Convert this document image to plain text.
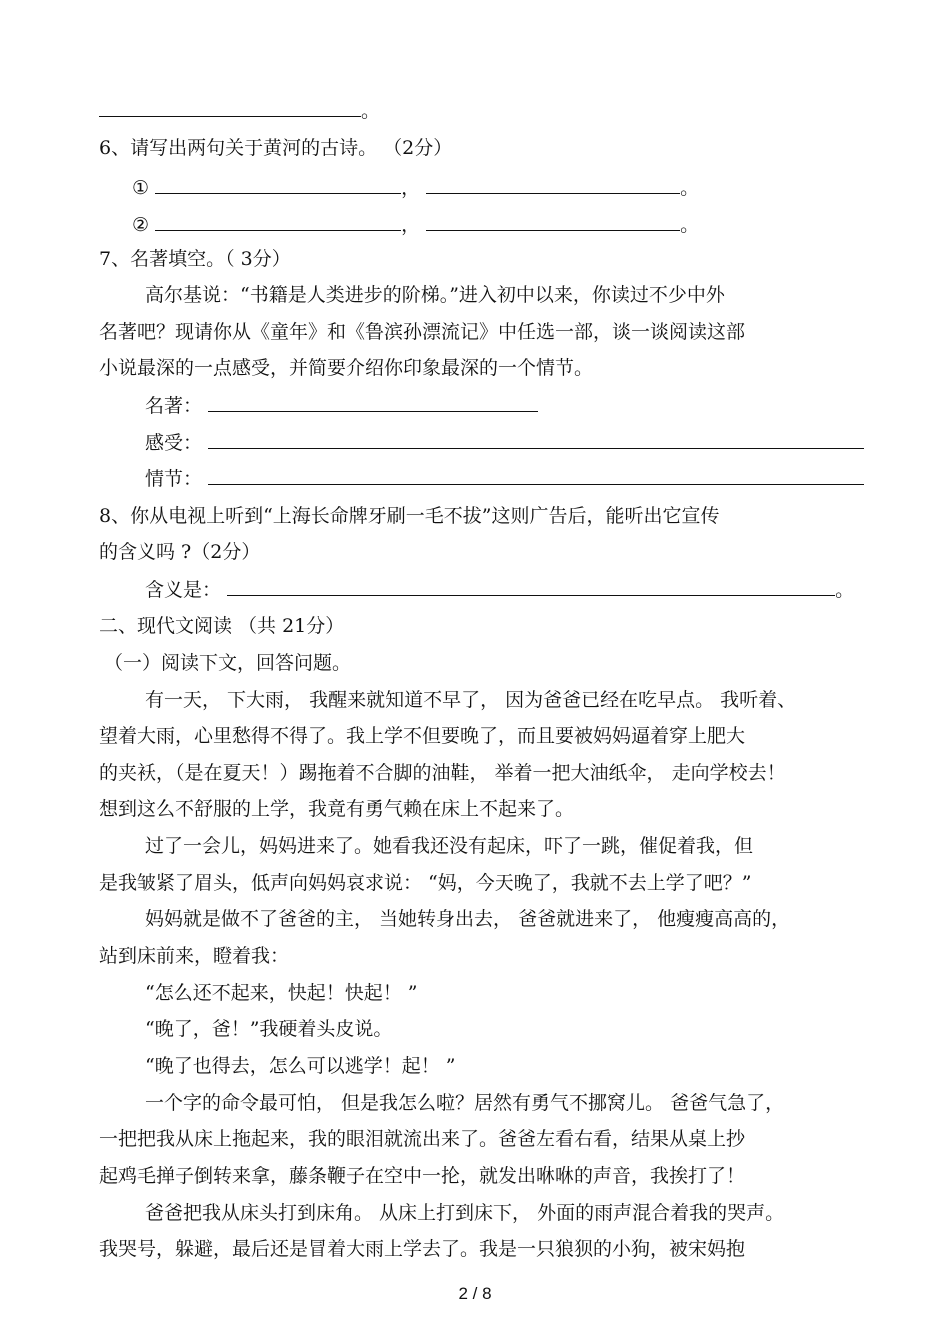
。
6、请写出两句关于黄河的古诗。 （2分）
①	，	。
②	，	。
7、名著填空。（ 3分）
高尔基说：“书籍是人类进步的阶梯。”进入初中以来，你读过不少中外
名著吧？现请你从《童年》和《鲁滨孙漂流记》中任选一部，谈一谈阅读这部
小说最深的一点感受，并简要介绍你印象最深的一个情节。
名著：
感受：
情节：
8、你从电视上听到“上海长命牌牙刷一毛不拔”这则广告后，能听出它宣传
的含义吗 ?（2分）
含义是：	。
二、现代文阅读 （共 21分）
（一）阅读下文，回答问题。
有一天， 下大雨， 我醒来就知道不早了， 因为爸爸已经在吃早点。 我听着、
望着大雨，心里愁得不得了。我上学不但要晚了，而且要被妈妈逼着穿上肥大
的夹袄，（是在夏天！）踢拖着不合脚的油鞋， 举着一把大油纸伞， 走向学校去！
想到这么不舒服的上学，我竟有勇气赖在床上不起来了。
过了一会儿，妈妈进来了。她看我还没有起床，吓了一跳，催促着我，但
是我皱紧了眉头，低声向妈妈哀求说： “妈，今天晚了，我就不去上学了吧？”
妈妈就是做不了爸爸的主， 当她转身出去， 爸爸就进来了， 他瘦瘦高高的，
站到床前来，瞪着我：
“怎么还不起来，快起！快起！ ”
“晚了，爸！”我硬着头皮说。
“晚了也得去，怎么可以逃学！起！ ”
一个字的命令最可怕， 但是我怎么啦？居然有勇气不挪窝儿。 爸爸气急了，
一把把我从床上拖起来，我的眼泪就流出来了。爸爸左看右看，结果从桌上抄
起鸡毛掸子倒转来拿，藤条鞭子在空中一抡，就发出咻咻的声音，我挨打了！
爸爸把我从床头打到床角。 从床上打到床下， 外面的雨声混合着我的哭声。
我哭号，躲避，最后还是冒着大雨上学去了。我是一只狼狈的小狗，被宋妈抱
2 / 8
